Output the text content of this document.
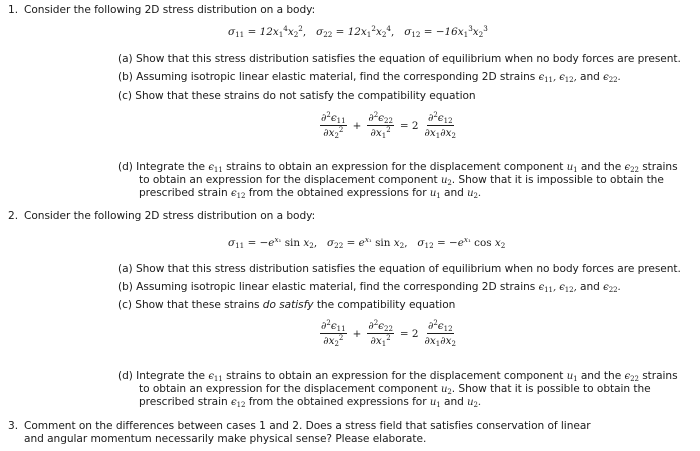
1. Consider the following 2D stress distribution on a body:
$\sigma_{11} = 12x_1^4x_2^2$,   $\sigma_{22} = 12x_1^2x_2^4$,   $\sigma_{12} = -16x_1^3x_2^3$
(a) Show that this stress distribution satisfies the equation of equilibrium when no body forces are present.
(b) Assuming isotropic linear elastic material, find the corresponding 2D strains $\epsilon_{11}$, $\epsilon_{12}$, and $\epsilon_{22}$.
(c) Show that these strains do not satisfy the compatibility equation
$\frac{\partial^2\epsilon_{11}}{\partial x_2^2} + \frac{\partial^2\epsilon_{22}}{\partial x_1^2} = 2 \frac{\partial^2\epsilon_{12}}{\partial x_1\partial x_2}$
(d) Integrate the $\epsilon_{11}$ strains to obtain an expression for the displacement component $u_1$ and the $\epsilon_{22}$ strains
to obtain an expression for the displacement component $u_2$. Show that it is impossible to obtain the
prescribed strain $\epsilon_{12}$ from the obtained expressions for $u_1$ and $u_2$.
2. Consider the following 2D stress distribution on a body:
$\sigma_{11} = -e^{x_1}$ $\sin x_2$,   $\sigma_{22} = e^{x_1}$ $\sin x_2$,   $\sigma_{12} = -e^{x_1}$ $\cos x_2$
(a) Show that this stress distribution satisfies the equation of equilibrium when no body forces are present.
(b) Assuming isotropic linear elastic material, find the corresponding 2D strains $\epsilon_{11}$, $\epsilon_{12}$, and $\epsilon_{22}$.
(c) Show that these strains do satisfy the compatibility equation
$\frac{\partial^2\epsilon_{11}}{\partial x_2^2} + \frac{\partial^2\epsilon_{22}}{\partial x_1^2} = 2 \frac{\partial^2\epsilon_{12}}{\partial x_1\partial x_2}$
(d) Integrate the $\epsilon_{11}$ strains to obtain an expression for the displacement component $u_1$ and the $\epsilon_{22}$ strains
to obtain an expression for the displacement component $u_2$. Show that it is possible to obtain the
prescribed strain $\epsilon_{12}$ from the obtained expressions for $u_1$ and $u_2$.
3. Comment on the differences between cases 1 and 2. Does a stress field that satisfies conservation of linear
and angular momentum necessarily make physical sense? Please elaborate.
